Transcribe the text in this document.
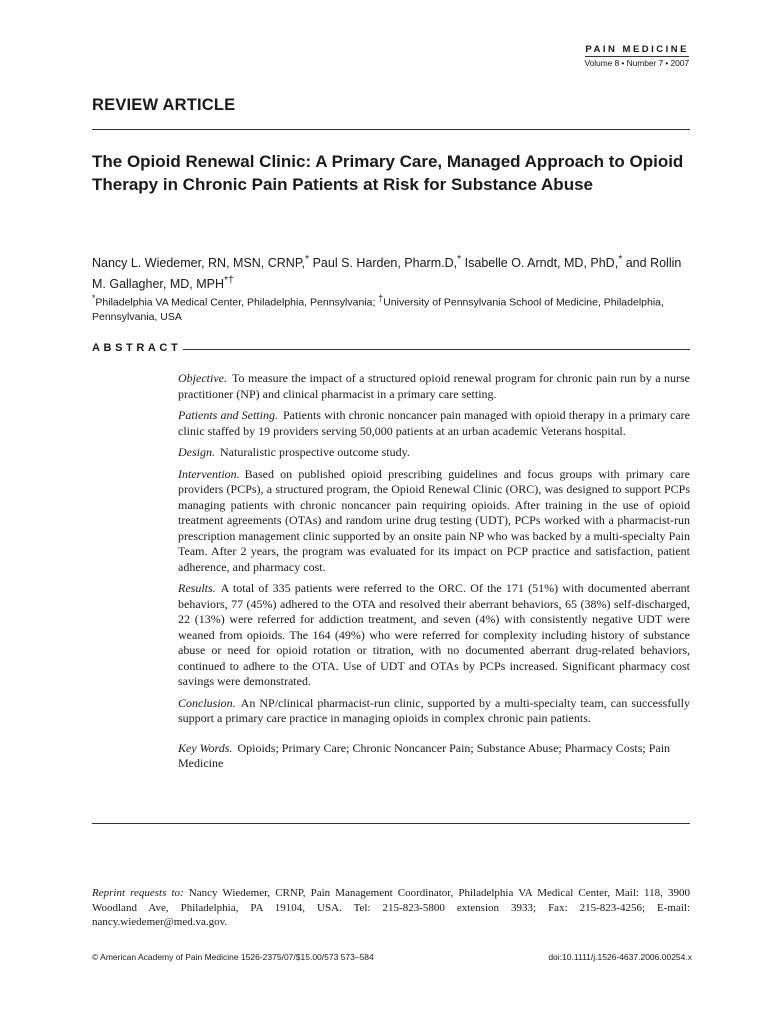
PAIN MEDICINE
Volume 8 • Number 7 • 2007
REVIEW ARTICLE
The Opioid Renewal Clinic: A Primary Care, Managed Approach to Opioid Therapy in Chronic Pain Patients at Risk for Substance Abuse
Nancy L. Wiedemer, RN, MSN, CRNP,* Paul S. Harden, Pharm.D,* Isabelle O. Arndt, MD, PhD,* and Rollin M. Gallagher, MD, MPH*†
*Philadelphia VA Medical Center, Philadelphia, Pennsylvania; †University of Pennsylvania School of Medicine, Philadelphia, Pennsylvania, USA
ABSTRACT

Objective. To measure the impact of a structured opioid renewal program for chronic pain run by a nurse practitioner (NP) and clinical pharmacist in a primary care setting.

Patients and Setting. Patients with chronic noncancer pain managed with opioid therapy in a primary care clinic staffed by 19 providers serving 50,000 patients at an urban academic Veterans hospital.

Design. Naturalistic prospective outcome study.

Intervention. Based on published opioid prescribing guidelines and focus groups with primary care providers (PCPs), a structured program, the Opioid Renewal Clinic (ORC), was designed to support PCPs managing patients with chronic noncancer pain requiring opioids. After training in the use of opioid treatment agreements (OTAs) and random urine drug testing (UDT), PCPs worked with a pharmacist-run prescription management clinic supported by an onsite pain NP who was backed by a multi-specialty Pain Team. After 2 years, the program was evaluated for its impact on PCP practice and satisfaction, patient adherence, and pharmacy cost.

Results. A total of 335 patients were referred to the ORC. Of the 171 (51%) with documented aberrant behaviors, 77 (45%) adhered to the OTA and resolved their aberrant behaviors, 65 (38%) self-discharged, 22 (13%) were referred for addiction treatment, and seven (4%) with consistently negative UDT were weaned from opioids. The 164 (49%) who were referred for complexity including history of substance abuse or need for opioid rotation or titration, with no documented aberrant drug-related behaviors, continued to adhere to the OTA. Use of UDT and OTAs by PCPs increased. Significant pharmacy cost savings were demonstrated.

Conclusion. An NP/clinical pharmacist-run clinic, supported by a multi-specialty team, can successfully support a primary care practice in managing opioids in complex chronic pain patients.

Key Words. Opioids; Primary Care; Chronic Noncancer Pain; Substance Abuse; Pharmacy Costs; Pain Medicine
Reprint requests to: Nancy Wiedemer, CRNP, Pain Management Coordinator, Philadelphia VA Medical Center, Mail: 118, 3900 Woodland Ave, Philadelphia, PA 19104, USA. Tel: 215-823-5800 extension 3933; Fax: 215-823-4256; E-mail: nancy.wiedemer@med.va.gov.
© American Academy of Pain Medicine 1526-2375/07/$15.00/573 573–584	doi:10.1111/j.1526-4637.2006.00254.x
